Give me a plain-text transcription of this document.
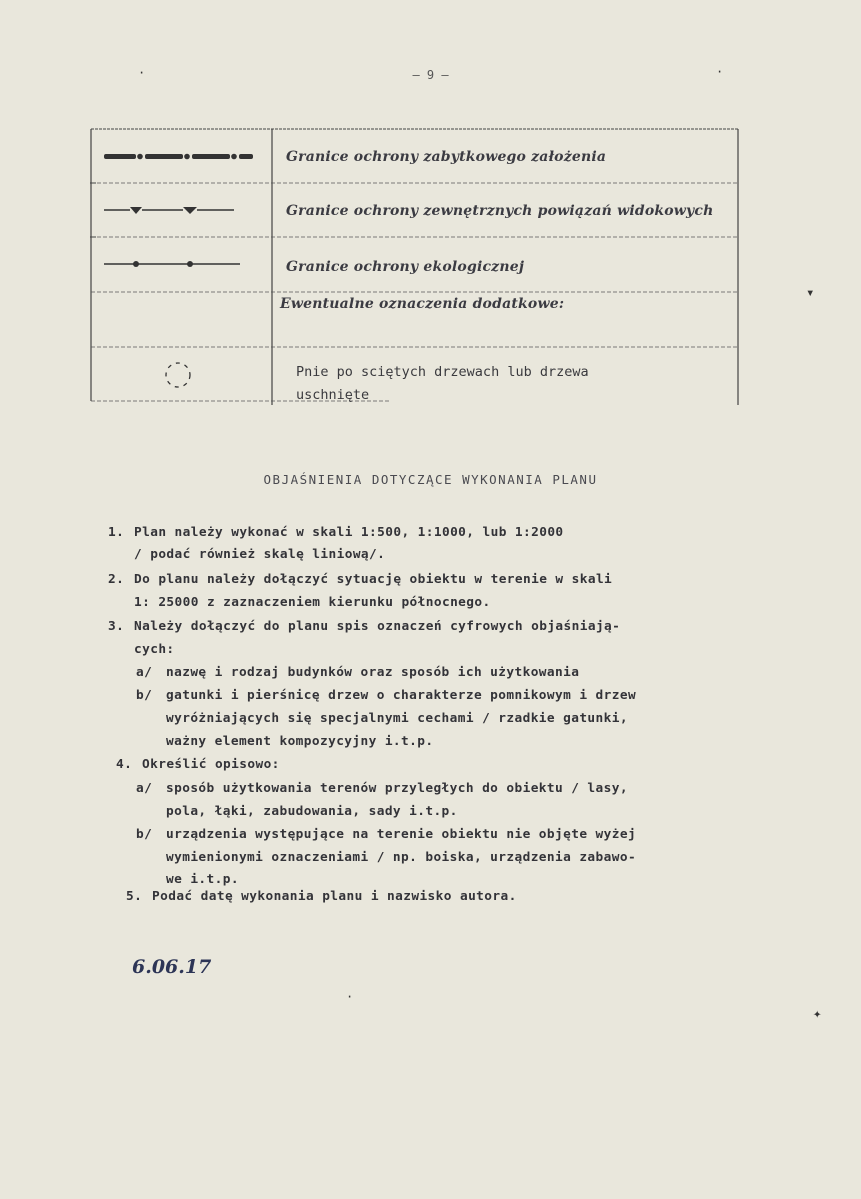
– 9 –
Granice ochrony zabytkowego założenia
Granice ochrony zewnętrznych powiązań widokowych
Granice ochrony ekologicznej
Ewentualne oznaczenia dodatkowe:
Pnie po sciętych drzewach lub drzewa
uschnięte
OBJAŚNIENIA DOTYCZĄCE WYKONANIA PLANU
1. Plan należy wykonać w skali 1:500, 1:1000, lub 1:2000
/ podać również skalę liniową/.
2. Do planu należy dołączyć sytuację obiektu w terenie w skali
1: 25000 z zaznaczeniem kierunku północnego.
3. Należy dołączyć do planu spis oznaczeń cyfrowych objaśniają-
cych:
a/ nazwę i rodzaj budynków oraz sposób ich użytkowania
b/ gatunki i pierśnicę drzew o charakterze pomnikowym i drzew
wyróżniających się specjalnymi cechami / rzadkie gatunki,
ważny element kompozycyjny i.t.p.
4. Określić opisowo:
a/ sposób użytkowania terenów przyległych do obiektu / lasy,
pola, łąki, zabudowania, sady i.t.p.
b/ urządzenia występujące na terenie obiektu nie objęte wyżej
wymienionymi oznaczeniami / np. boiska, urządzenia zabawo-
we i.t.p.
5. Podać datę wykonania planu i nazwisko autora.
6.06.17
·
▾
✦
·
·
